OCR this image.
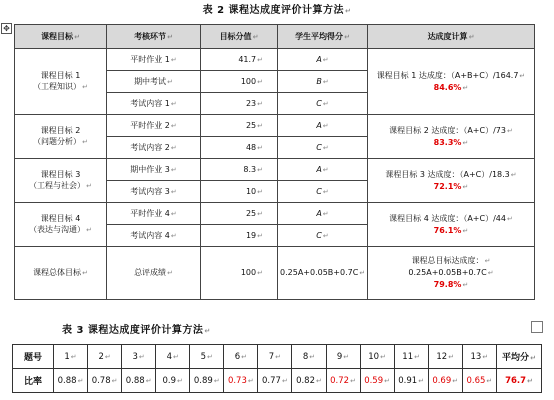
表 2 课程达成度评价计算方法↵
✥
课程目标↵	考核环节↵	目标分值↵	学生平均得分↵	达成度计算↵
课程目标 1
（工程知识）↵	平时作业 1↵	41.7↵	A↵	课程目标 1 达成度：（A+B+C）/164.7↵
84.6%↵
	期中考试↵	100↵	B↵	
	考试内容 1↵	23↵	C↵	
课程目标 2
（问题分析）↵	平时作业 2↵	25↵	A↵	课程目标 2 达成度：（A+C）/73↵
83.3%↵
	考试内容 2↵	48↵	C↵	
课程目标 3
（工程与社会）↵	期中作业 3↵	8.3↵	A↵	课程目标 3 达成度：（A+C）/18.3↵
72.1%↵
	考试内容 3↵	10↵	C↵	
课程目标 4
（表达与沟通）↵	平时作业 4↵	25↵	A↵	课程目标 4 达成度：（A+C）/44↵
76.1%↵
	考试内容 4↵	19↵	C↵	
课程总体目标↵	总评成绩↵	100↵	0.25A+0.05B+0.7C↵	课程总目标达成度：↵
0.25A+0.05B+0.7C↵
79.8%↵
表 3 课程达成度评价计算方法↵
题号	1↵	2↵	3↵	4↵	5↵	6↵	7↵	8↵	9↵	10↵	11↵	12↵	13↵	平均分↵
比率	0.88↵	0.78↵	0.88↵	0.9↵	0.89↵	0.73↵	0.77↵	0.82↵	0.72↵	0.59↵	0.91↵	0.69↵	0.65↵	76.7↵
